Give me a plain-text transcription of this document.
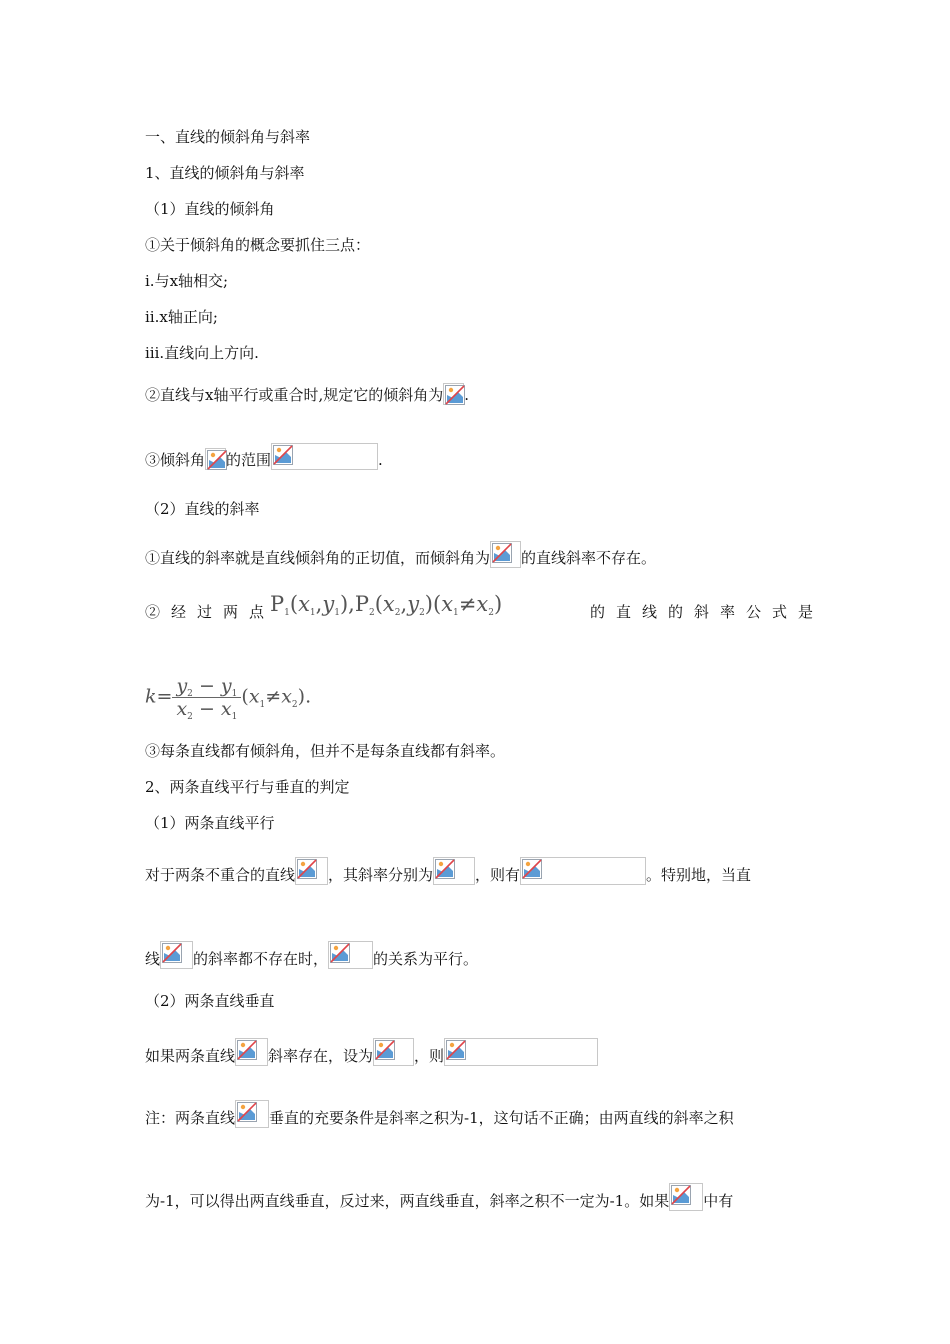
一、直线的倾斜角与斜率
1、直线的倾斜角与斜率
（1）直线的倾斜角
①关于倾斜角的概念要抓住三点：
ⅰ.与x轴相交;
ⅱ.x轴正向;
ⅲ.直线向上方向.
②直线与x轴平行或重合时,规定它的倾斜角为 .
③倾斜角 的范围	.
（2）直线的斜率
①直线的斜率就是直线倾斜角的正切值，而倾斜角为 的直线斜率不存在。
②经过两点
P1(x1,y1),P2(x2,y2)(x1≠x2)	的直线的斜率公式是
$k= \frac{y_2 - y_1}{x_2 - x_1} (x_1\ne x_2)$.
③每条直线都有倾斜角，但并不是每条直线都有斜率。
2、两条直线平行与垂直的判定
（1）两条直线平行
对于两条不重合的直线 ，其斜率分别为	，则有	。特别地，当直
线 的斜率都不存在时，	的关系为平行。
（2）两条直线垂直
如果两条直线 斜率存在，设为	，则
注：两条直线 垂直的充要条件是斜率之积为-1，这句话不正确；由两直线的斜率之积
为-1，可以得出两直线垂直，反过来，两直线垂直，斜率之积不一定为-1。如果 中有
